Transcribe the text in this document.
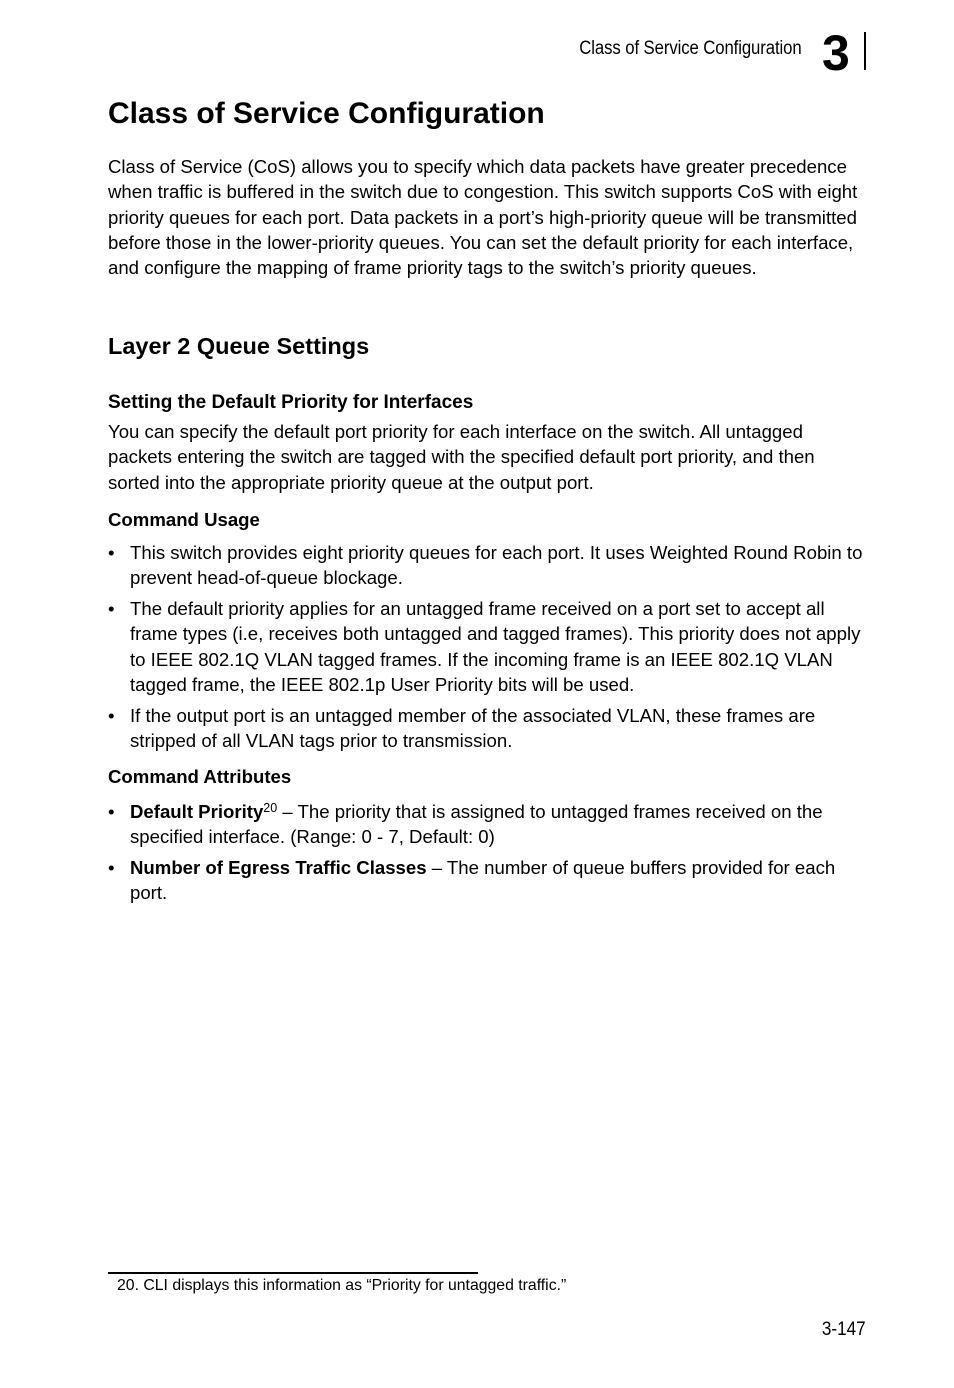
Class of Service Configuration 3
Class of Service Configuration

Class of Service (CoS) allows you to specify which data packets have greater precedence when traffic is buffered in the switch due to congestion. This switch supports CoS with eight priority queues for each port. Data packets in a port’s high-priority queue will be transmitted before those in the lower-priority queues. You can set the default priority for each interface, and configure the mapping of frame priority tags to the switch’s priority queues.

Layer 2 Queue Settings
Setting the Default Priority for Interfaces

You can specify the default port priority for each interface on the switch. All untagged packets entering the switch are tagged with the specified default port priority, and then sorted into the appropriate priority queue at the output port.

Command Usage
• This switch provides eight priority queues for each port. It uses Weighted Round Robin to prevent head-of-queue blockage.
• The default priority applies for an untagged frame received on a port set to accept all frame types (i.e, receives both untagged and tagged frames). This priority does not apply to IEEE 802.1Q VLAN tagged frames. If the incoming frame is an IEEE 802.1Q VLAN tagged frame, the IEEE 802.1p User Priority bits will be used.
• If the output port is an untagged member of the associated VLAN, these frames are stripped of all VLAN tags prior to transmission.
Command Attributes
• Default Priority$^{20}$ – The priority that is assigned to untagged frames received on the specified interface. (Range: 0 - 7, Default: 0)
• Number of Egress Traffic Classes – The number of queue buffers provided for each port.

20. CLI displays this information as “Priority for untagged traffic.”

3-147
